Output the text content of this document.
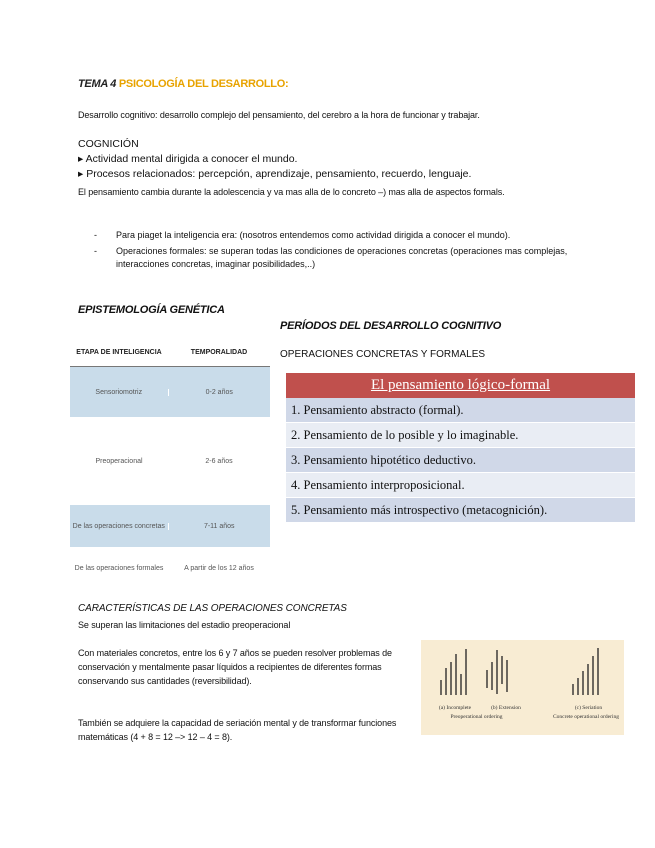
TEMA 4 PSICOLOGÍA DEL DESARROLLO:
Desarrollo cognitivo: desarrollo complejo del pensamiento, del cerebro a la hora de funcionar y trabajar.
COGNICIÓN
▸ Actividad mental dirigida a conocer el mundo.
▸ Procesos relacionados: percepción, aprendizaje, pensamiento, recuerdo, lenguaje.
El pensamiento cambia durante la adolescencia y va mas alla de lo concreto –) mas alla de aspectos formals.
- Para piaget la inteligencia era: (nosotros entendemos como actividad dirigida a conocer el mundo).
- Operaciones formales: se superan todas las condiciones de operaciones concretas (operaciones mas complejas, interacciones concretas, imaginar posibilidades,..)
EPISTEMOLOGÍA GENÉTICA
PERÍODOS DEL DESARROLLO COGNITIVO
OPERACIONES CONCRETAS Y FORMALES
ETAPA DE INTELIGENCIA	TEMPORALIDAD
Sensoriomotriz	0-2 años
Preoperacional	2-6 años
De las operaciones concretas	7-11 años
De las operaciones formales	A partir de los 12 años
El pensamiento lógico-formal
1. Pensamiento abstracto (formal).
2. Pensamiento de lo posible y lo imaginable.
3. Pensamiento hipotético deductivo.
4. Pensamiento interproposicional.
5. Pensamiento más introspectivo (metacognición).
CARACTERÍSTICAS DE LAS OPERACIONES CONCRETAS
Se superan las limitaciones del estadio preoperacional
Con materiales concretos, entre los 6 y 7 años se pueden resolver problemas de conservación y mentalmente pasar líquidos a recipientes de diferentes formas conservando sus cantidades (reversibilidad).
También se adquiere la capacidad de seriación mental y de transformar funciones matemáticas (4 + 8 = 12 –> 12 – 4 = 8).
(a) Incomplete	(b) Extension	(c) Seriation
Preoperational ordering	Concrete operational ordering
